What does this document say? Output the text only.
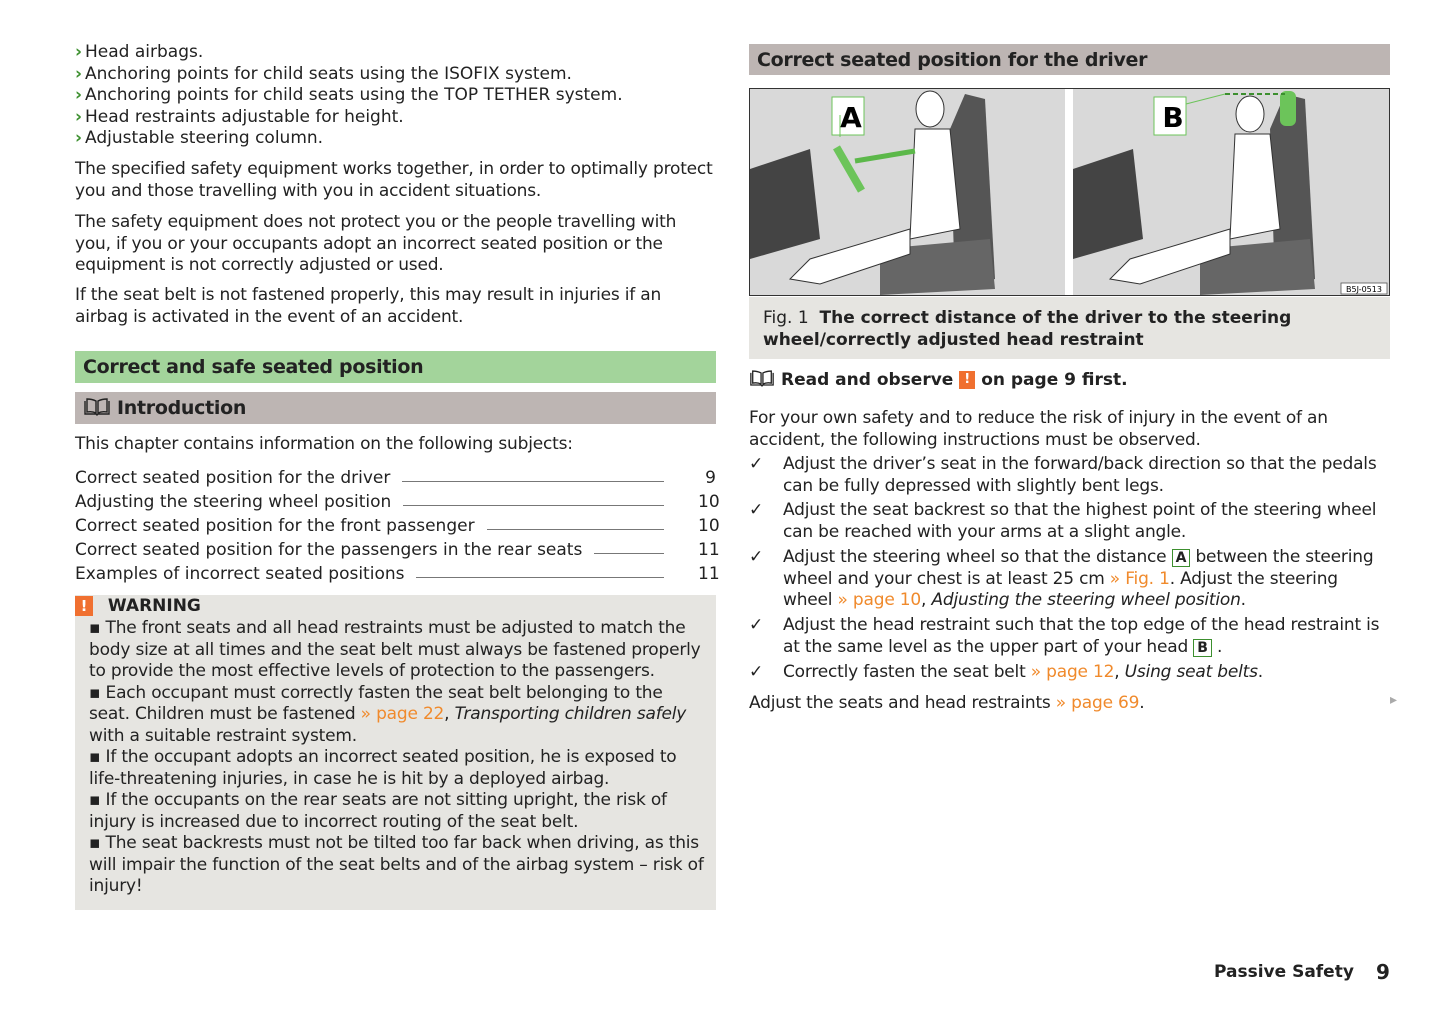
› Head airbags.
› Anchoring points for child seats using the ISOFIX system.
› Anchoring points for child seats using the TOP TETHER system.
› Head restraints adjustable for height.
› Adjustable steering column.
The specified safety equipment works together, in order to optimally protect you and those travelling with you in accident situations.
The safety equipment does not protect you or the people travelling with you, if you or your occupants adopt an incorrect seated position or the equipment is not correctly adjusted or used.
If the seat belt is not fastened properly, this may result in injuries if an airbag is activated in the event of an accident.
Correct and safe seated position
Introduction
This chapter contains information on the following subjects:
Correct seated position for the driver	9
Adjusting the steering wheel position	10
Correct seated position for the front passenger	10
Correct seated position for the passengers in the rear seats	11
Examples of incorrect seated positions	11
! WARNING
▪ The front seats and all head restraints must be adjusted to match the body size at all times and the seat belt must always be fastened properly to provide the most effective levels of protection to the passengers.
▪ Each occupant must correctly fasten the seat belt belonging to the seat. Children must be fastened » page 22, Transporting children safely with a suitable restraint system.
▪ If the occupant adopts an incorrect seated position, he is exposed to life-threatening injuries, in case he is hit by a deployed airbag.
▪ If the occupants on the rear seats are not sitting upright, the risk of injury is increased due to incorrect routing of the seat belt.
▪ The seat backrests must not be tilted too far back when driving, as this will impair the function of the seat belts and of the airbag system – risk of injury!
Correct seated position for the driver
A	B
B5J-0513
Fig. 1 The correct distance of the driver to the steering wheel/correctly adjusted head restraint
Read and observe ! on page 9 first.
For your own safety and to reduce the risk of injury in the event of an accident, the following instructions must be observed.
✓ Adjust the driver’s seat in the forward/back direction so that the pedals can be fully depressed with slightly bent legs.
✓ Adjust the seat backrest so that the highest point of the steering wheel can be reached with your arms at a slight angle.
✓ Adjust the steering wheel so that the distance A between the steering wheel and your chest is at least 25 cm » Fig. 1. Adjust the steering wheel » page 10, Adjusting the steering wheel position.
✓ Adjust the head restraint such that the top edge of the head restraint is at the same level as the upper part of your head B .
✓ Correctly fasten the seat belt » page 12, Using seat belts.
Adjust the seats and head restraints » page 69.	▸
Passive Safety 9
